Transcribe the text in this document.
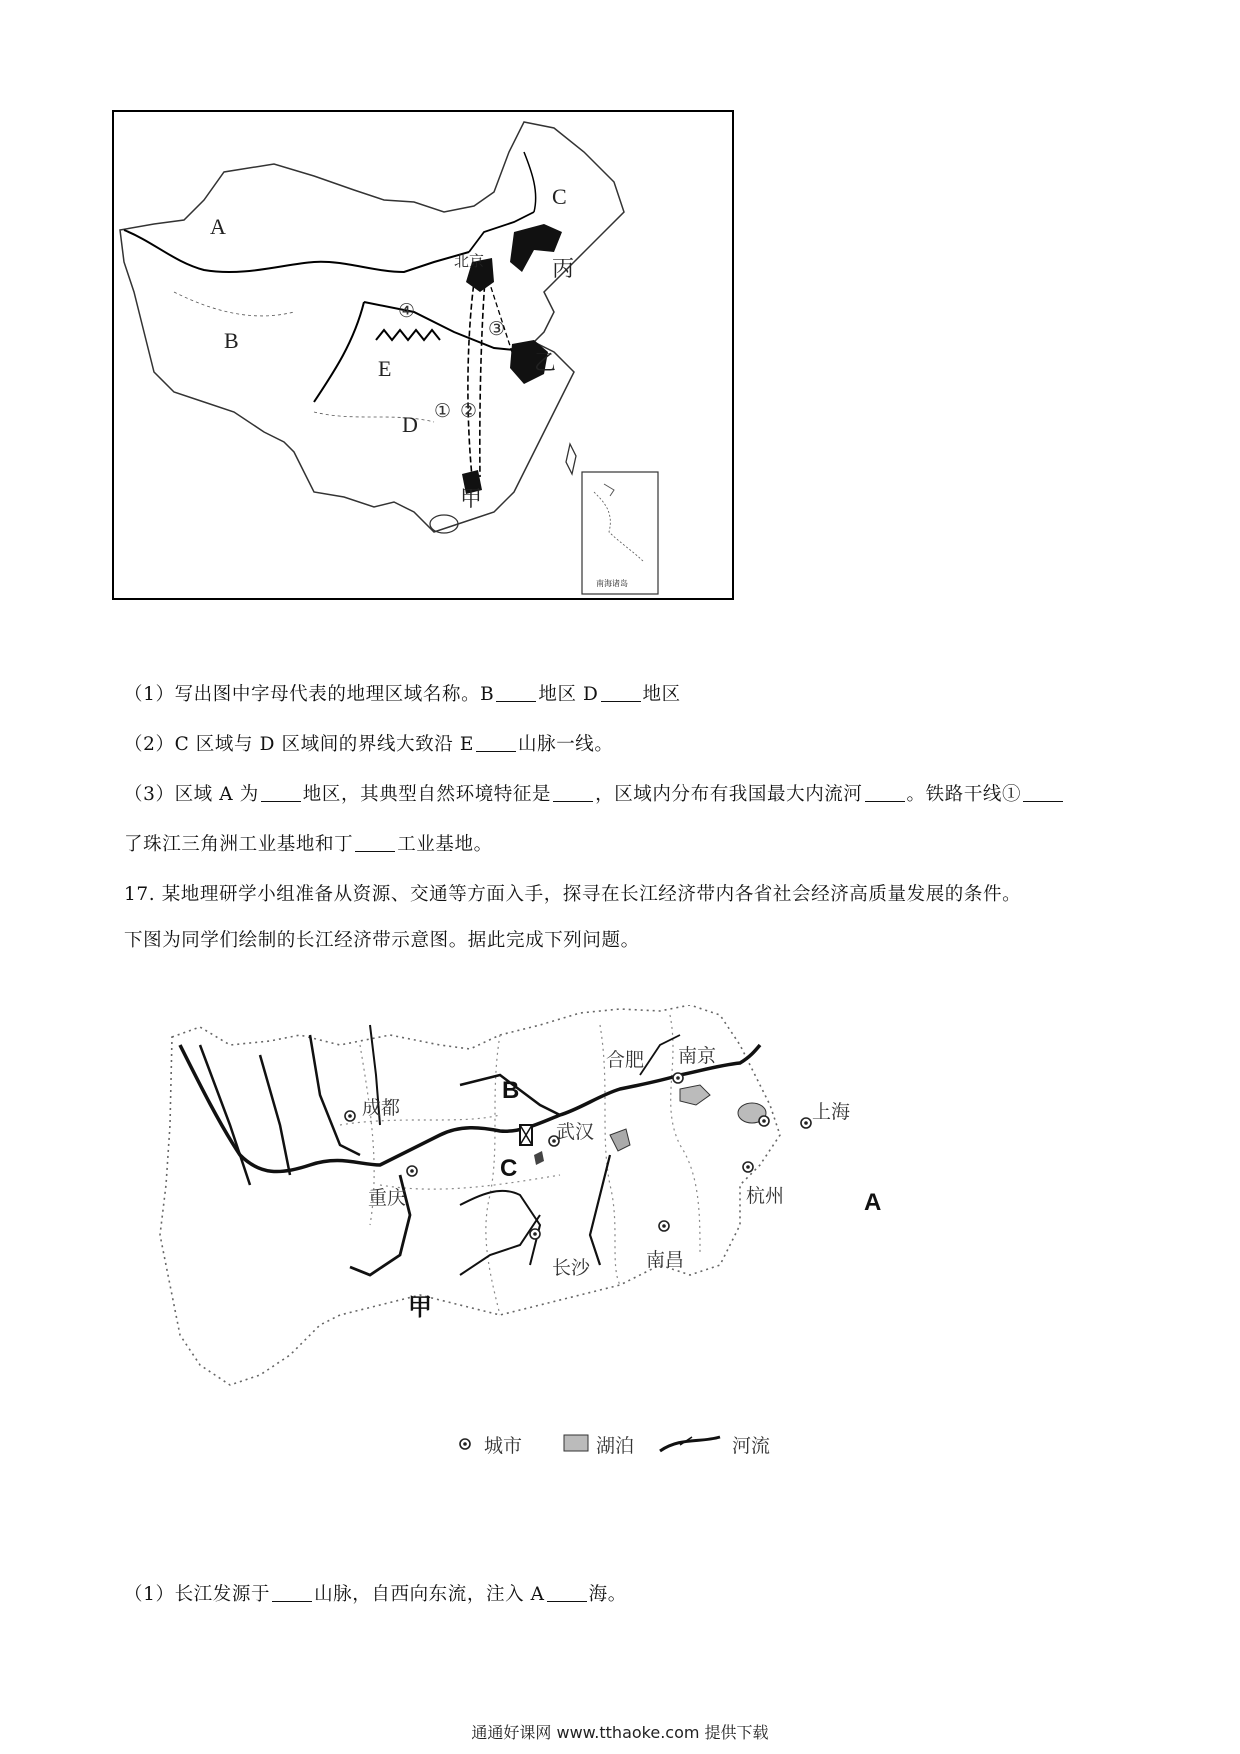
A
B
C
D
E
北京	丙
乙
甲
① ②
③
④
南海诸岛
（1）写出图中字母代表的地理区域名称。B 地区 D 地区
（2）C 区域与 D 区域间的界线大致沿 E 山脉一线。
（3）区域 A 为 地区，其典型自然环境特征是 ，区域内分布有我国最大内流河 。铁路干线①
了珠江三角洲工业基地和丁 工业基地。
17. 某地理研学小组准备从资源、交通等方面入手，探寻在长江经济带内各省社会经济高质量发展的条件。
下图为同学们绘制的长江经济带示意图。据此完成下列问题。
成都
重庆
合肥 南京
上海
杭州
武汉
南昌
长沙
B
C
A
甲
城市	湖泊	河流
（1）长江发源于 山脉，自西向东流，注入 A 海。
通通好课网 www.tthaoke.com 提供下载
